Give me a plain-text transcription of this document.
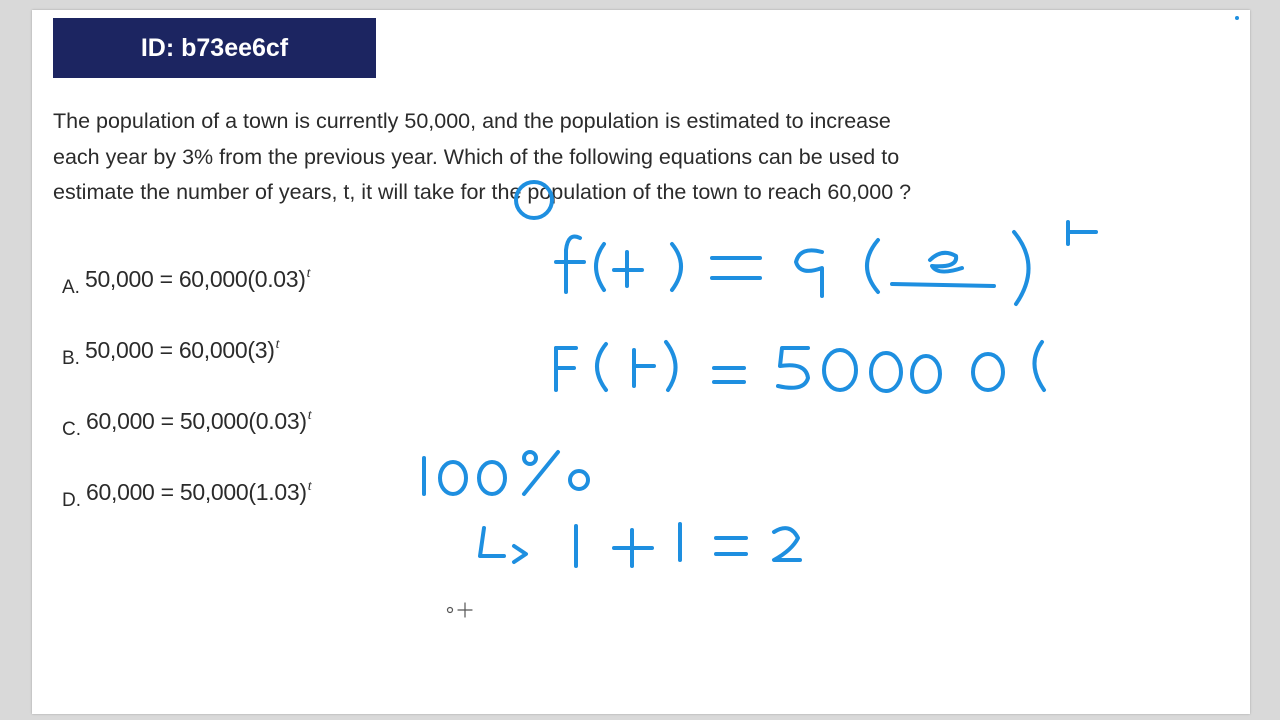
ID: b73ee6cf

The population of a town is currently 50,000, and the population is estimated to increase each year by 3% from the previous year. Which of the following equations can be used to estimate the number of years, t, it will take for the population of the town to reach 60,000 ?

A. $50,000 = 60,000(0.03)^t$
B. $50,000 = 60,000(3)^t$
C. $60,000 = 50,000(0.03)^t$
D. $60,000 = 50,000(1.03)^t$
